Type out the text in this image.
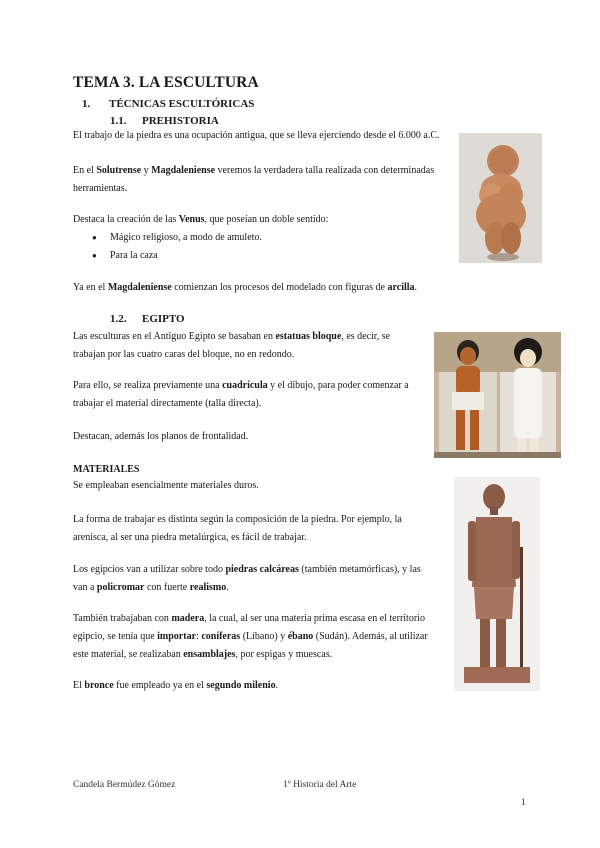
TEMA 3. LA ESCULTURA
1. TÉCNICAS ESCULTÓRICAS
1.1. PREHISTORIA
El trabajo de la piedra es una ocupación antigua, que se lleva ejerciendo desde el 6.000 a.C.
En el Solutrense y Magdaleniense veremos la verdadera talla realizada con determinadas
herramientas.
Destaca la creación de las Venus, que poseían un doble sentido:
● Mágico religioso, a modo de amuleto.
● Para la caza
Ya en el Magdaleniense comienzan los procesos del modelado con figuras de arcilla.
1.2. EGIPTO
Las esculturas en el Antiguo Egipto se basaban en estatuas bloque, es decir, se
trabajan por las cuatro caras del bloque, no en redondo.
Para ello, se realiza previamente una cuadrícula y el dibujo, para poder comenzar a
trabajar el material directamente (talla directa).
Destacan, además los planos de frontalidad.
MATERIALES
Se empleaban esencialmente materiales duros.
La forma de trabajar es distinta según la composición de la piedra. Por ejemplo, la
arenisca, al ser una piedra metalúrgica, es fácil de trabajar.
Los egipcios van a utilizar sobre todo piedras calcáreas (también metamórficas), y las
van a policromar con fuerte realismo.
También trabajaban con madera, la cual, al ser una materia prima escasa en el territorio
egipcio, se tenía que importar: coníferas (Líbano) y ébano (Sudán). Además, al utilizar
este material, se realizaban ensamblajes, por espigas y muescas.
El bronce fue empleado ya en el segundo milenio.
Candela Bermúdez Gómez	1º Historia del Arte
1
